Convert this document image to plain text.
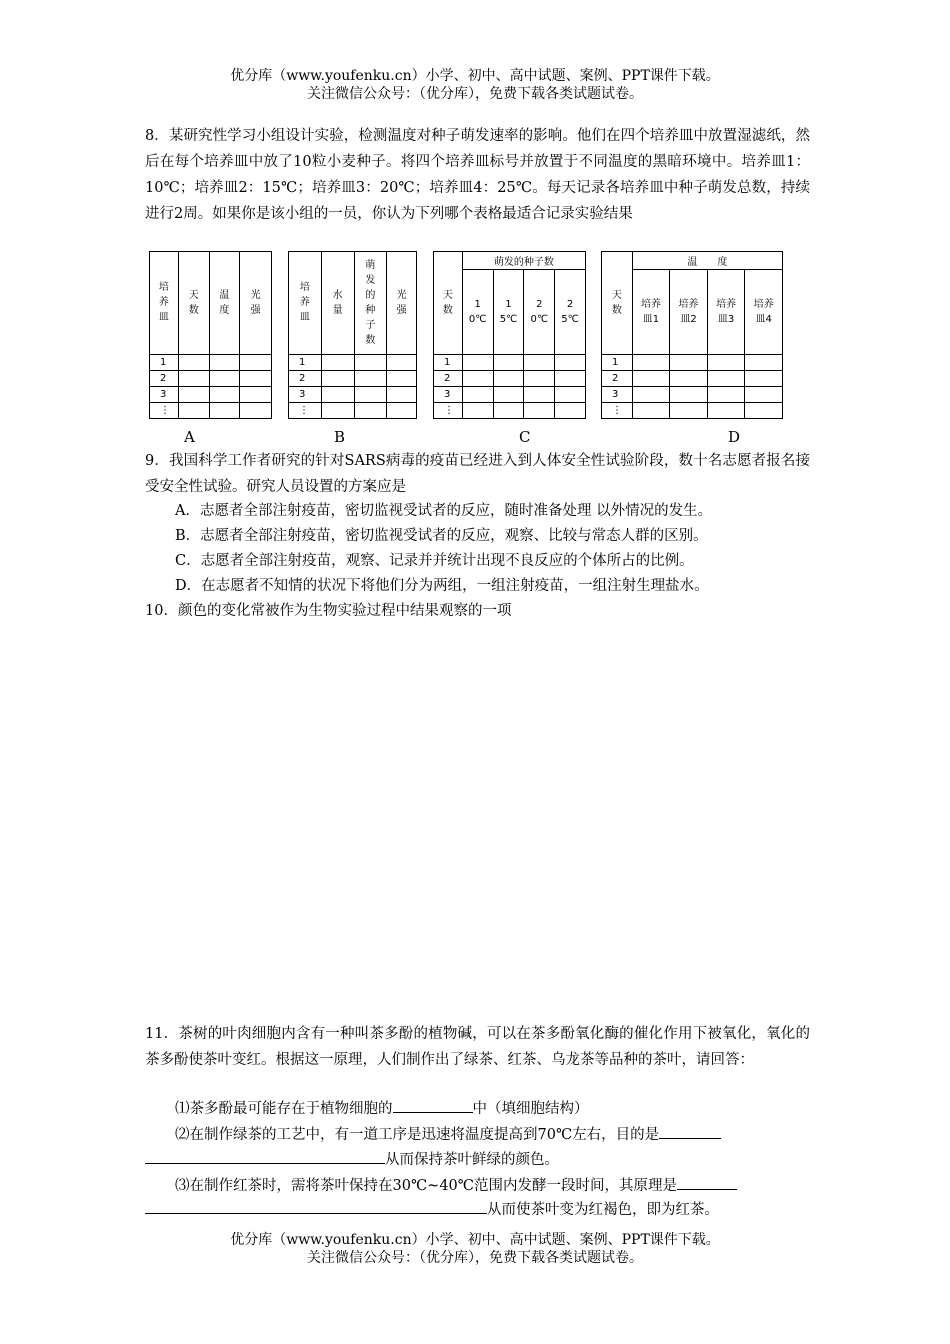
优分库（www.youfenku.cn）小学、初中、高中试题、案例、PPT课件下载。
关注微信公众号：（优分库），免费下载各类试题试卷。
8．某研究性学习小组设计实验，检测温度对种子萌发速率的影响。他们在四个培养皿中放置湿滤纸，然后在每个培养皿中放了10粒小麦种子。将四个培养皿标号并放置于不同温度的黑暗环境中。培养皿1：10℃；培养皿2：15℃；培养皿3：20℃；培养皿4：25℃。每天记录各培养皿中种子萌发总数，持续进行2周。如果你是该小组的一员，你认为下列哪个表格最适合记录实验结果
培养皿	天数	温度	光强
1			
2			
3			
⋮			
A
培养皿	水量	萌发的种子数	光强
1			
2			
3			
⋮			
B
天数	萌发的种子数			
	10℃	15℃	20℃	25℃
1				
2				
3				
⋮				
C
天数	温　　度			
	培养皿1	培养皿2	培养皿3	培养皿4
1				
2				
3				
⋮				
D
9．我国科学工作者研究的针对SARS病毒的疫苗已经进入到人体安全性试验阶段，数十名志愿者报名接受安全性试验。研究人员设置的方案应是
A．志愿者全部注射疫苗，密切监视受试者的反应，随时准备处理 以外情况的发生。
B．志愿者全部注射疫苗，密切监视受试者的反应，观察、比较与常态人群的区别。
C．志愿者全部注射疫苗，观察、记录并并统计出现不良反应的个体所占的比例。
D．在志愿者不知情的状况下将他们分为两组，一组注射疫苗，一组注射生理盐水。
10．颜色的变化常被作为生物实验过程中结果观察的一项
11．茶树的叶肉细胞内含有一种叫茶多酚的植物碱，可以在茶多酚氧化酶的催化作用下被氧化，氧化的茶多酚使茶叶变红。根据这一原理，人们制作出了绿茶、红茶、乌龙茶等品种的茶叶，请回答：
⑴茶多酚最可能存在于植物细胞的	中（填细胞结构）
⑵在制作绿茶的工艺中，有一道工序是迅速将温度提高到70℃左右，目的是
从而保持茶叶鲜绿的颜色。
⑶在制作红茶时，需将茶叶保持在30℃~40℃范围内发酵一段时间，其原理是
从而使茶叶变为红褐色，即为红茶。
优分库（www.youfenku.cn）小学、初中、高中试题、案例、PPT课件下载。
关注微信公众号：（优分库），免费下载各类试题试卷。
